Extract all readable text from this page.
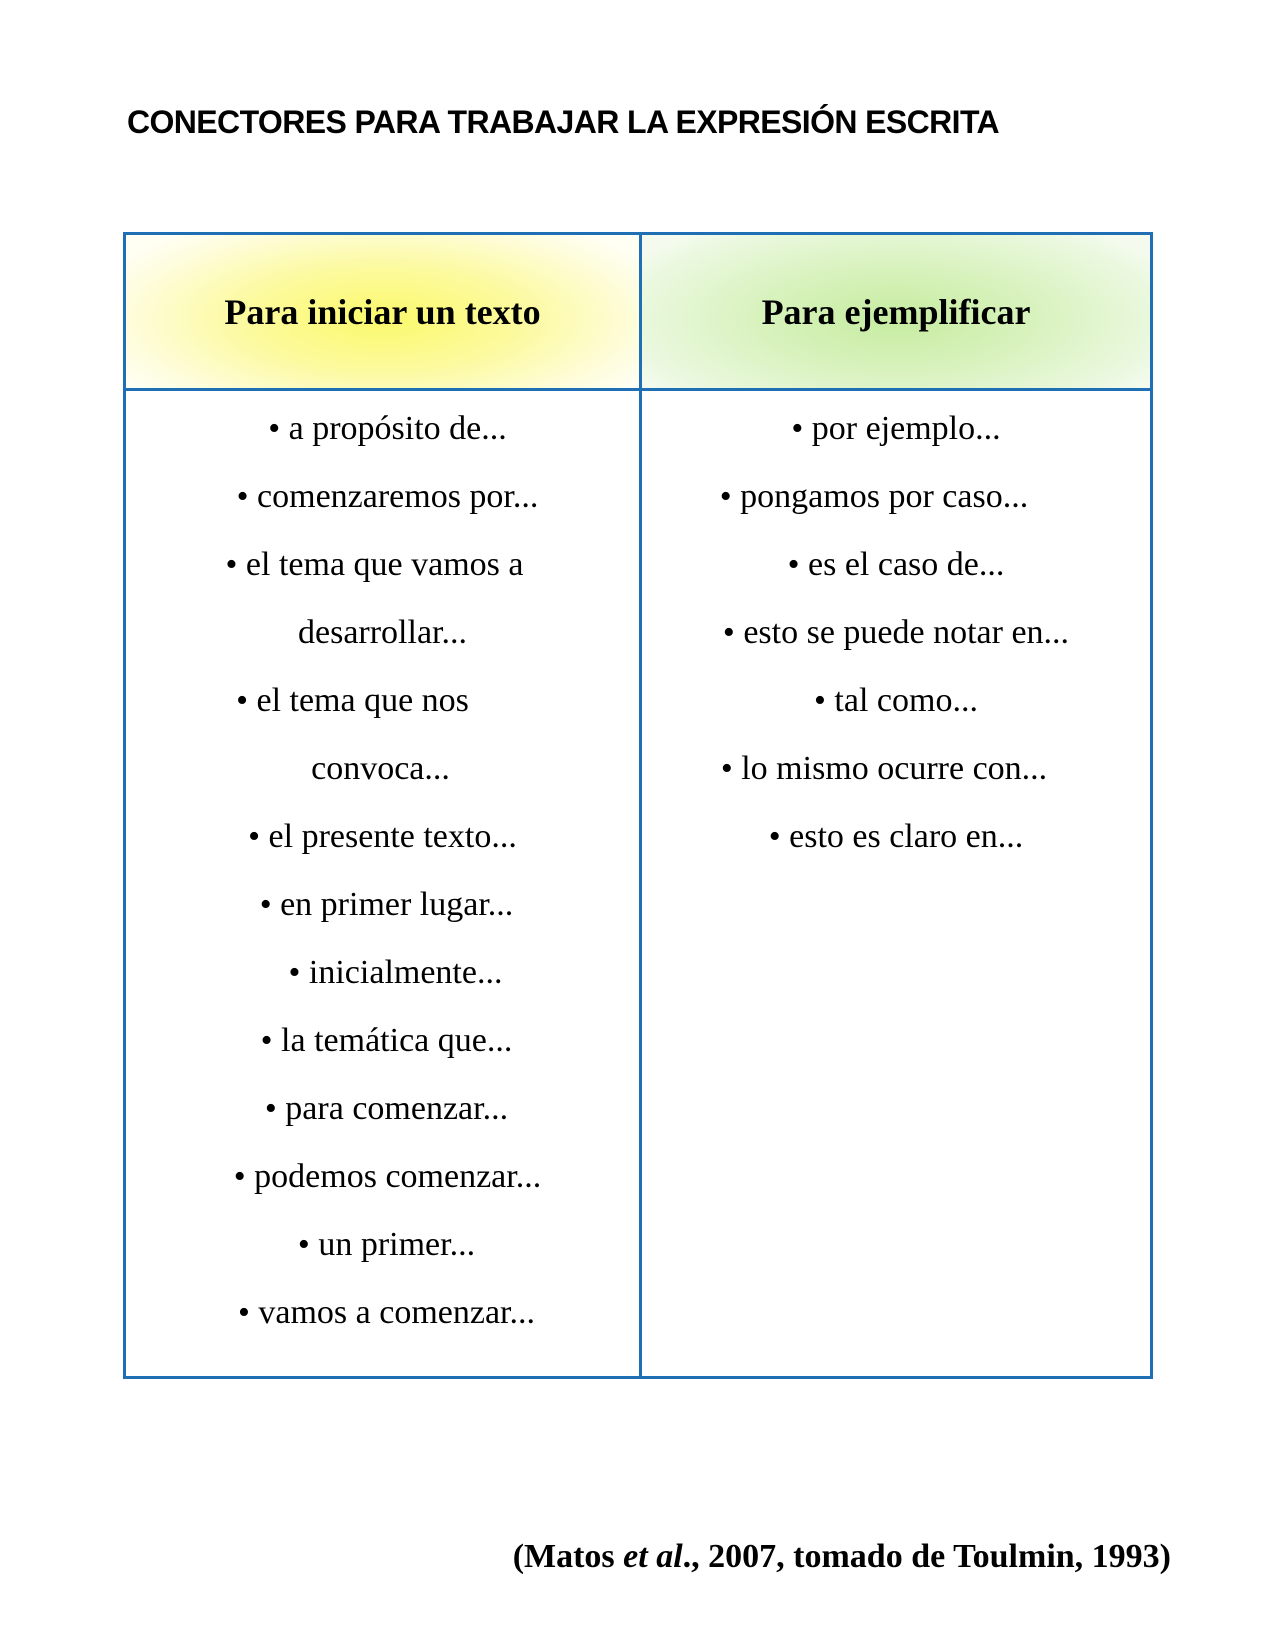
CONECTORES PARA TRABAJAR LA EXPRESIÓN ESCRITA
Para iniciar un texto	Para ejemplificar
• a propósito de...
• comenzaremos por...
• el tema que vamos a
desarrollar...
• el tema que nos
convoca...
• el presente texto...
• en primer lugar...
• inicialmente...
• la temática que...
• para comenzar...
• podemos comenzar...
• un primer...
• vamos a comenzar...
• por ejemplo...
• pongamos por caso...
• es el caso de...
• esto se puede notar en...
• tal como...
• lo mismo ocurre con...
• esto es claro en...

(Matos et al., 2007, tomado de Toulmin, 1993)
